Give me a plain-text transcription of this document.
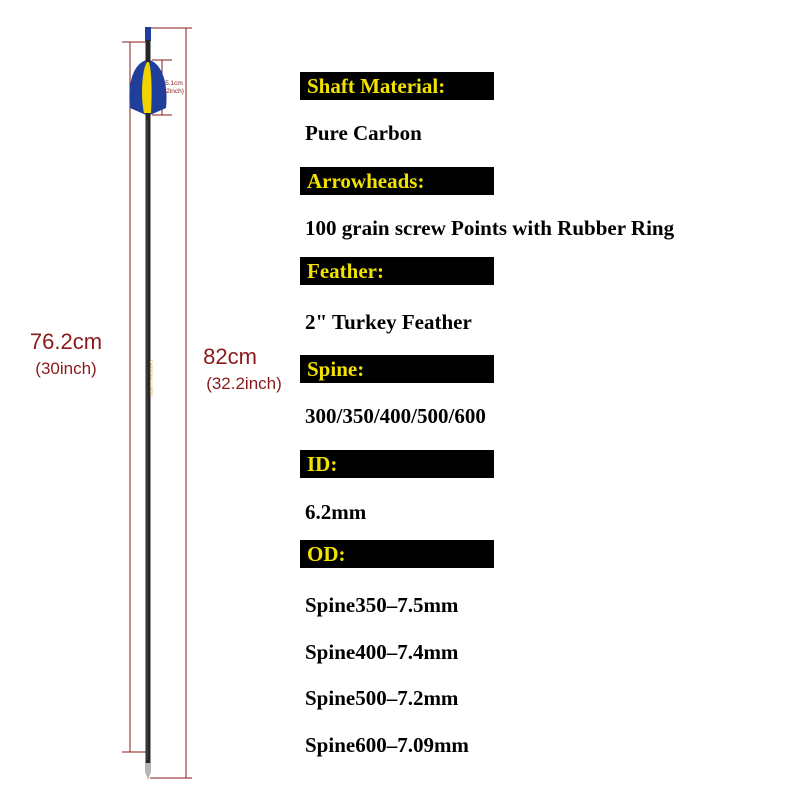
CARBON 6.2 SP350
76.2cm
(30inch)	82cm
(32.2inch)
5.1cm
(2inch)	Shaft Material:
Pure Carbon
Arrowheads:
100 grain screw Points with Rubber Ring
Feather:
2" Turkey Feather
Spine:
300/350/400/500/600
ID:
6.2mm
OD:
Spine350–7.5mm
Spine400–7.4mm
Spine500–7.2mm
Spine600–7.09mm
